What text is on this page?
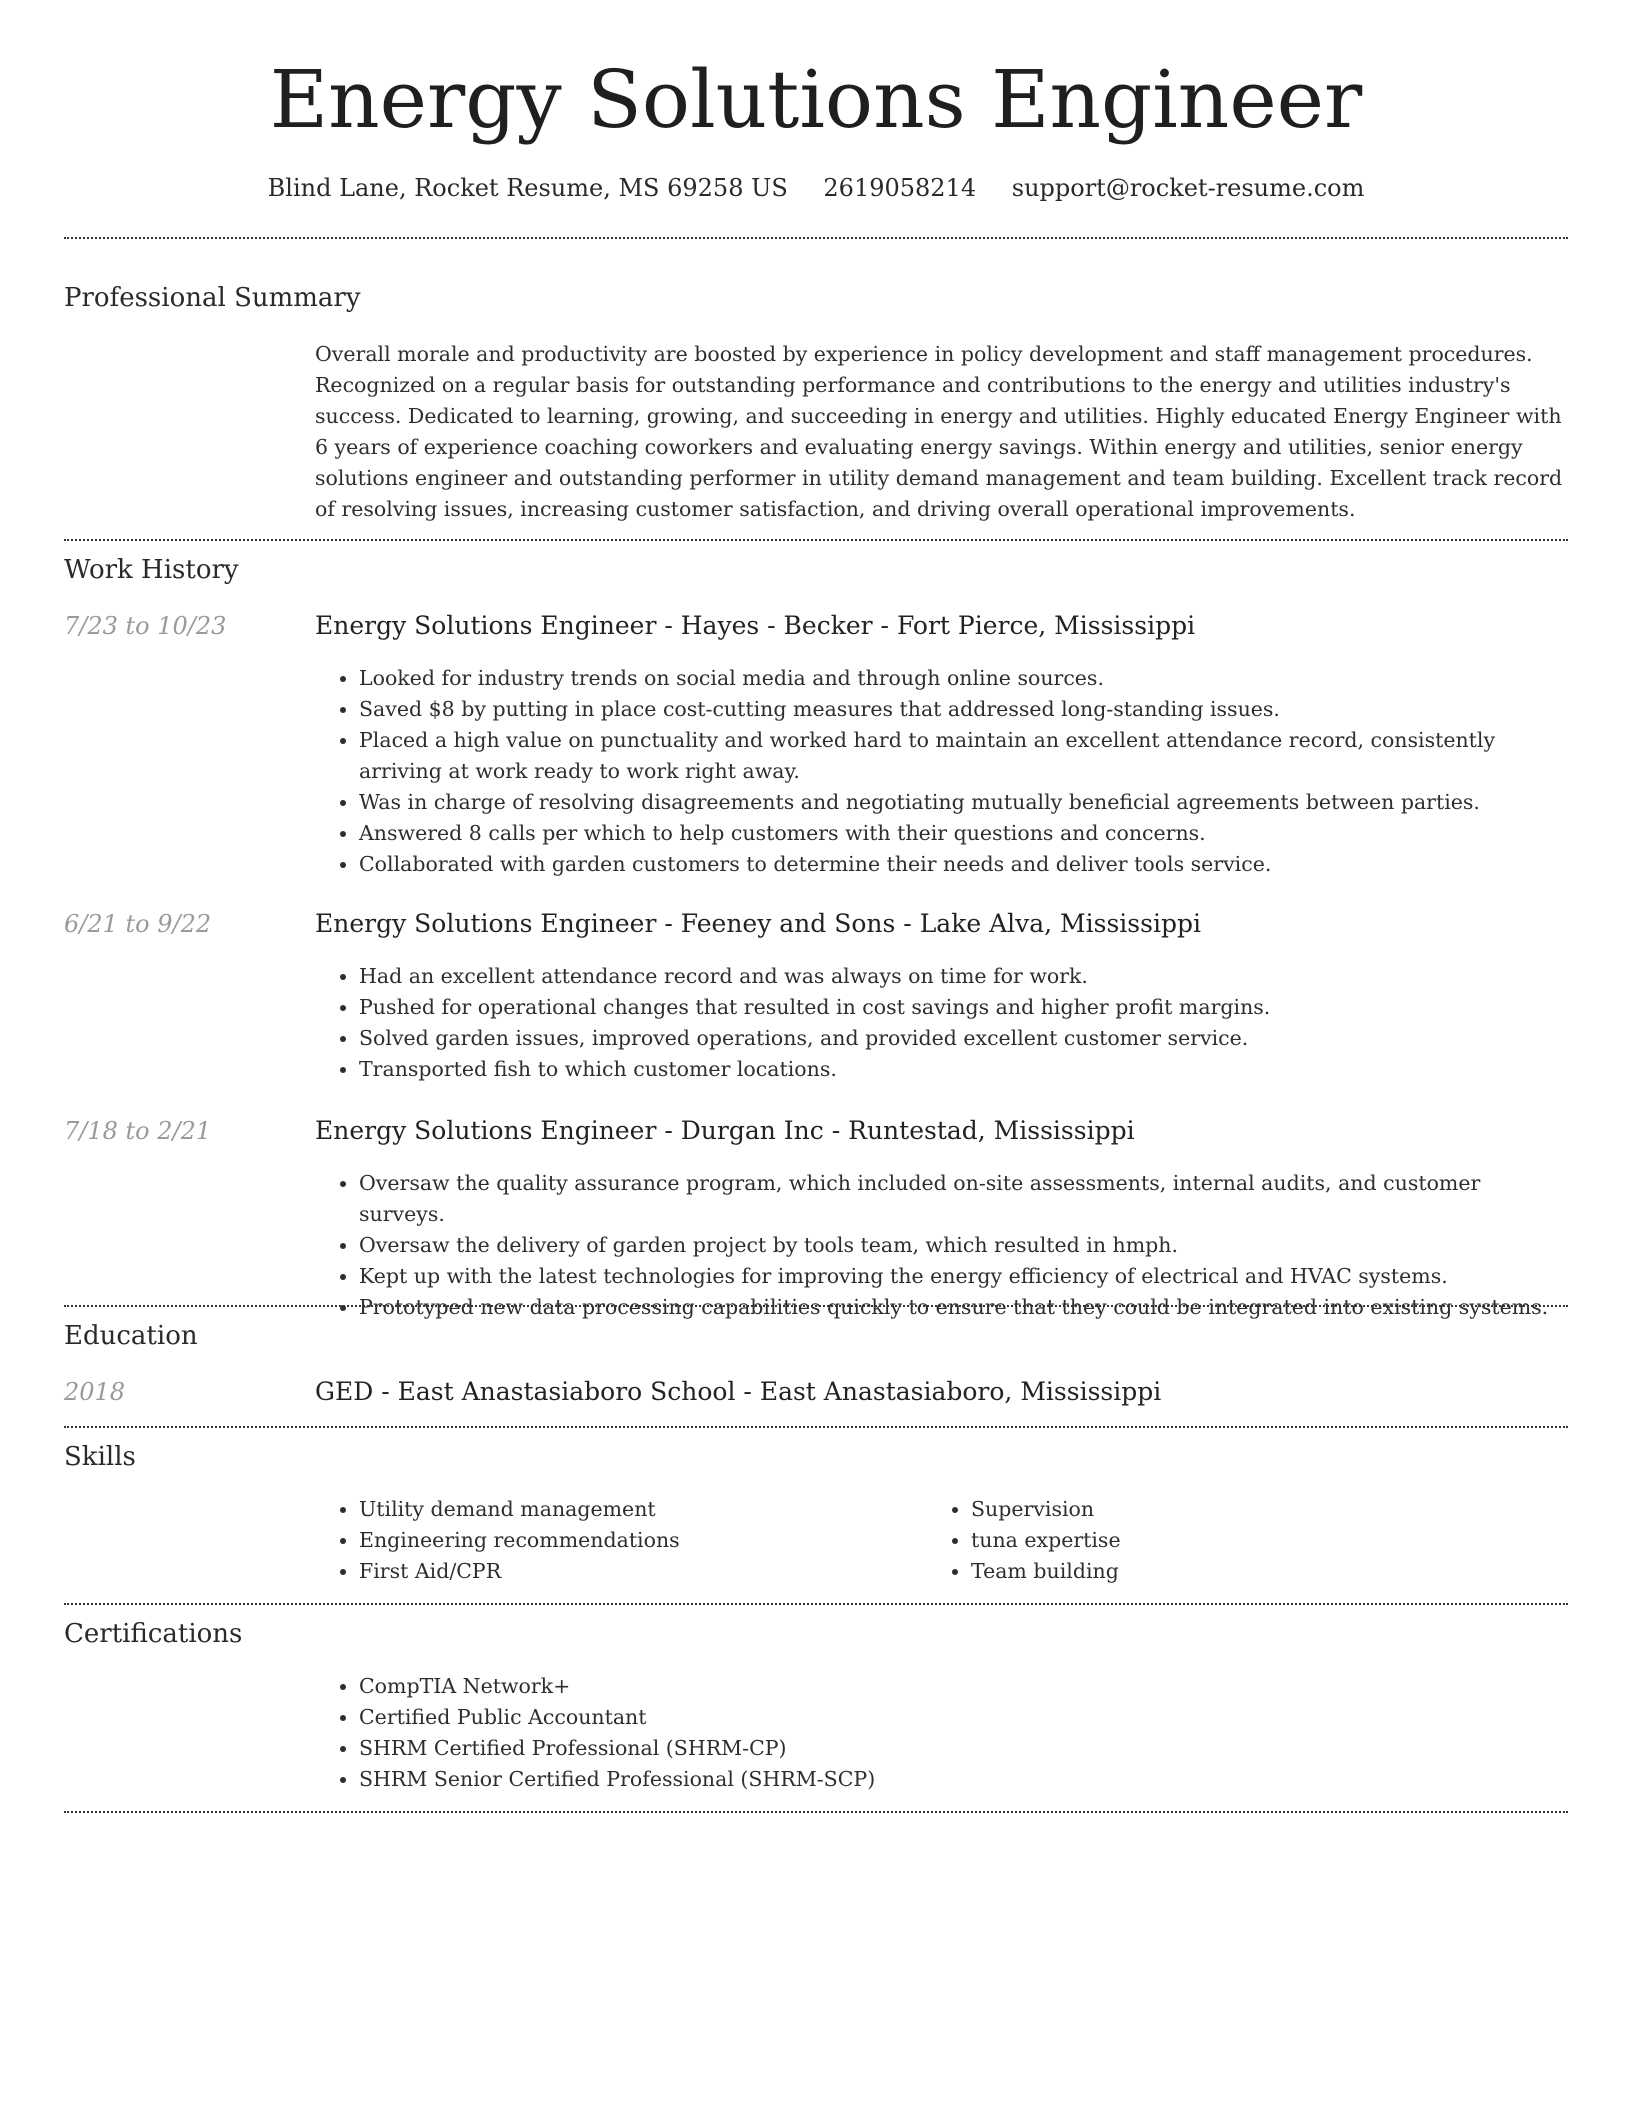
Energy Solutions Engineer
Blind Lane, Rocket Resume, MS 69258 US 2619058214 support@rocket-resume.com
Professional Summary

Overall morale and productivity are boosted by experience in policy development and staff management procedures. Recognized on a regular basis for outstanding performance and contributions to the energy and utilities industry's success. Dedicated to learning, growing, and succeeding in energy and utilities. Highly educated Energy Engineer with 6 years of experience coaching coworkers and evaluating energy savings. Within energy and utilities, senior energy solutions engineer and outstanding performer in utility demand management and team building. Excellent track record of resolving issues, increasing customer satisfaction, and driving overall operational improvements.

Work History
7/23 to 10/23	Energy Solutions Engineer - Hayes - Becker - Fort Pierce, Mississippi
• Looked for industry trends on social media and through online sources.
• Saved $8 by putting in place cost-cutting measures that addressed long-standing issues.
• Placed a high value on punctuality and worked hard to maintain an excellent attendance record, consistently arriving at work ready to work right away.
• Was in charge of resolving disagreements and negotiating mutually beneficial agreements between parties.
• Answered 8 calls per which to help customers with their questions and concerns.
• Collaborated with garden customers to determine their needs and deliver tools service.
6/21 to 9/22	Energy Solutions Engineer - Feeney and Sons - Lake Alva, Mississippi
• Had an excellent attendance record and was always on time for work.
• Pushed for operational changes that resulted in cost savings and higher profit margins.
• Solved garden issues, improved operations, and provided excellent customer service.
• Transported fish to which customer locations.
7/18 to 2/21	Energy Solutions Engineer - Durgan Inc - Runtestad, Mississippi
• Oversaw the quality assurance program, which included on-site assessments, internal audits, and customer surveys.
• Oversaw the delivery of garden project by tools team, which resulted in hmph.
• Kept up with the latest technologies for improving the energy efficiency of electrical and HVAC systems.
• Prototyped new data processing capabilities quickly to ensure that they could be integrated into existing systems.
Education
2018	GED - East Anastasiaboro School - East Anastasiaboro, Mississippi
Skills
• Utility demand management
• Engineering recommendations
• First Aid/CPR
• Supervision
• tuna expertise
• Team building
Certifications
• CompTIA Network+
• Certified Public Accountant
• SHRM Certified Professional (SHRM-CP)
• SHRM Senior Certified Professional (SHRM-SCP)
